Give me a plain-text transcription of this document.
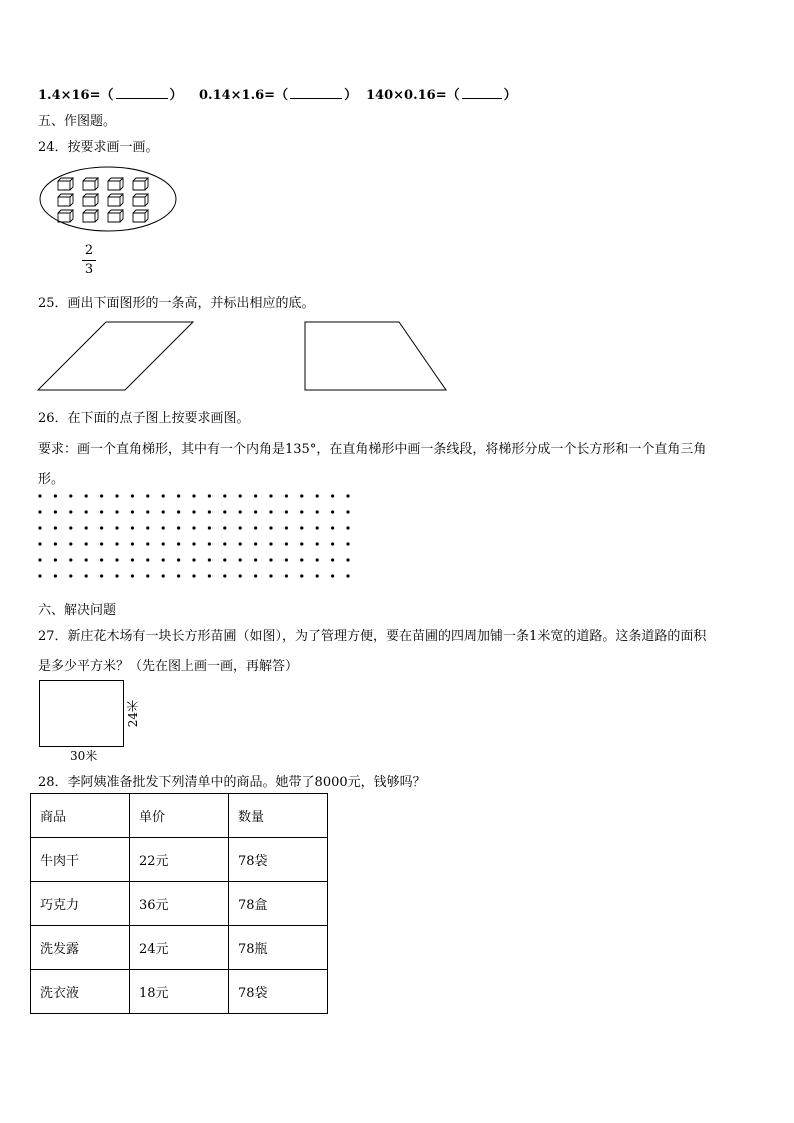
1.4×16=（	） 0.14×1.6=（	） 140×0.16=（	）
五、作图题。
24．按要求画一画。
2
3
25．画出下面图形的一条高，并标出相应的底。
26．在下面的点子图上按要求画图。
要求：画一个直角梯形，其中有一个内角是135°，在直角梯形中画一条线段，将梯形分成一个长方形和一个直角三角
形。
六、解决问题
27．新庄花木场有一块长方形苗圃（如图），为了管理方便，要在苗圃的四周加铺一条1米宽的道路。这条道路的面积
是多少平方米？（先在图上画一画，再解答）
30米
24米
28．李阿姨准备批发下列清单中的商品。她带了8000元，钱够吗？
商品	单价	数量
牛肉干	22元	78袋
巧克力	36元	78盒
洗发露	24元	78瓶
洗衣液	18元	78袋
